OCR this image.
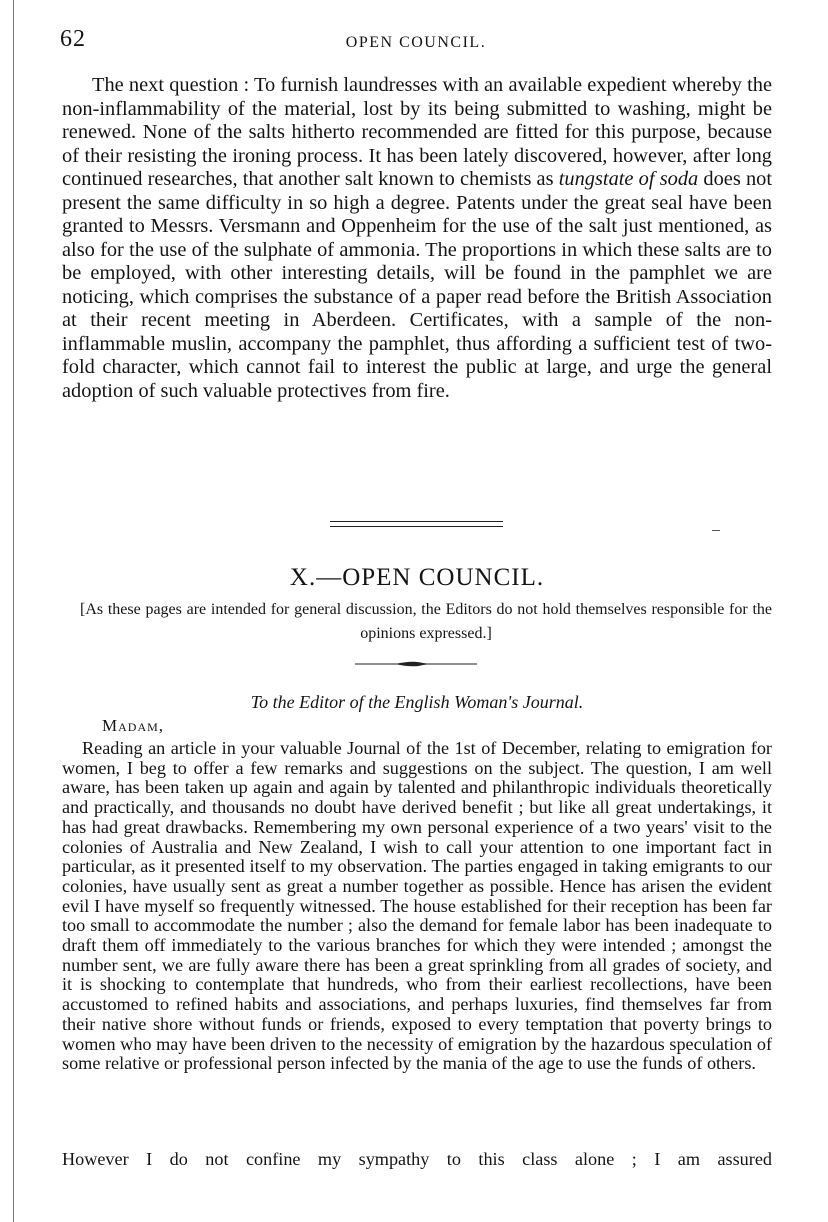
62	OPEN COUNCIL.

The next question : To furnish laundresses with an available expedient whereby the non-inflammability of the material, lost by its being submitted to washing, might be renewed. None of the salts hitherto recommended are fitted for this purpose, because of their resisting the ironing process. It has been lately discovered, however, after long continued researches, that another salt known to chemists as tungstate of soda does not present the same difficulty in so high a degree. Patents under the great seal have been granted to Messrs. Versmann and Oppenheim for the use of the salt just mentioned, as also for the use of the sulphate of ammonia. The proportions in which these salts are to be employed, with other interesting details, will be found in the pamphlet we are noticing, which comprises the substance of a paper read before the British Association at their recent meeting in Aberdeen. Certificates, with a sample of the non-inflammable muslin, accompany the pamphlet, thus affording a sufficient test of two-fold character, which cannot fail to interest the public at large, and urge the general adoption of such valuable protectives from fire.

X.—OPEN COUNCIL.
[As these pages are intended for general discussion, the Editors do not hold themselves responsible for the opinions expressed.]
To the Editor of the English Woman's Journal.
Madam,

Reading an article in your valuable Journal of the 1st of December, relating to emigration for women, I beg to offer a few remarks and suggestions on the subject. The question, I am well aware, has been taken up again and again by talented and philanthropic individuals theoretically and practically, and thousands no doubt have derived benefit ; but like all great undertakings, it has had great drawbacks. Remembering my own personal experience of a two years' visit to the colonies of Australia and New Zealand, I wish to call your attention to one important fact in particular, as it presented itself to my observation. The parties engaged in taking emigrants to our colonies, have usually sent as great a number together as possible. Hence has arisen the evident evil I have myself so frequently witnessed. The house established for their reception has been far too small to accommodate the number ; also the demand for female labor has been inadequate to draft them off immediately to the various branches for which they were intended ; amongst the number sent, we are fully aware there has been a great sprinkling from all grades of society, and it is shocking to contemplate that hundreds, who from their earliest recollections, have been accustomed to refined habits and associations, and perhaps luxuries, find themselves far from their native shore without funds or friends, exposed to every temptation that poverty brings to women who may have been driven to the necessity of emigration by the hazardous speculation of some relative or professional person infected by the mania of the age to use the funds of others.

However I do not confine my sympathy to this class alone ; I am assured
